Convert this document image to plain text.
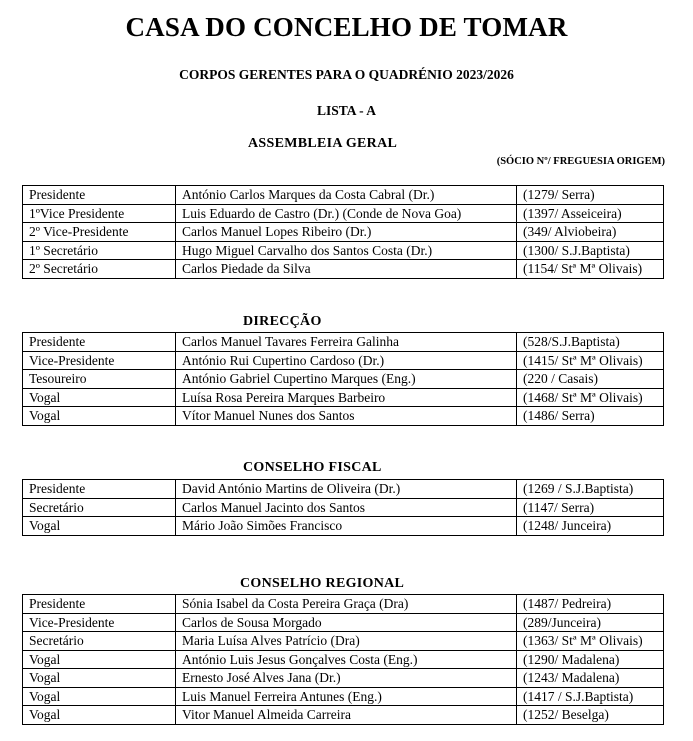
CASA DO CONCELHO DE TOMAR
CORPOS GERENTES PARA O QUADRÉNIO 2023/2026
LISTA - A
ASSEMBLEIA GERAL
(SÓCIO Nº/ FREGUESIA ORIGEM)
Presidente	António Carlos Marques da Costa Cabral (Dr.)	(1279/ Serra)
1ºVice Presidente	Luis Eduardo de Castro (Dr.) (Conde de Nova Goa)	(1397/ Asseiceira)
2º Vice-Presidente	Carlos Manuel Lopes Ribeiro (Dr.)	(349/ Alviobeira)
1º Secretário	Hugo Miguel Carvalho dos Santos Costa (Dr.)	(1300/ S.J.Baptista)
2º Secretário	Carlos Piedade da Silva	(1154/ Stª Mª Olivais)
DIRECÇÃO
Presidente	Carlos Manuel Tavares Ferreira Galinha	(528/S.J.Baptista)
Vice-Presidente	António Rui Cupertino Cardoso (Dr.)	(1415/ Stª Mª Olivais)
Tesoureiro	António Gabriel Cupertino Marques (Eng.)	(220 / Casais)
Vogal	Luísa Rosa Pereira Marques Barbeiro	(1468/ Stª Mª Olivais)
Vogal	Vítor Manuel Nunes dos Santos	(1486/ Serra)
CONSELHO FISCAL
Presidente	David António Martins de Oliveira (Dr.)	(1269 / S.J.Baptista)
Secretário	Carlos Manuel Jacinto dos Santos	(1147/ Serra)
Vogal	Mário João Simões Francisco	(1248/ Junceira)
CONSELHO REGIONAL
Presidente	Sónia Isabel da Costa Pereira Graça (Dra)	(1487/ Pedreira)
Vice-Presidente	Carlos de Sousa Morgado	(289/Junceira)
Secretário	Maria Luísa Alves Patrício (Dra)	(1363/ Stª Mª Olivais)
Vogal	António Luis Jesus Gonçalves Costa (Eng.)	(1290/ Madalena)
Vogal	Ernesto José Alves Jana (Dr.)	(1243/ Madalena)
Vogal	Luis Manuel Ferreira Antunes (Eng.)	(1417 / S.J.Baptista)
Vogal	Vitor Manuel Almeida Carreira	(1252/ Beselga)
